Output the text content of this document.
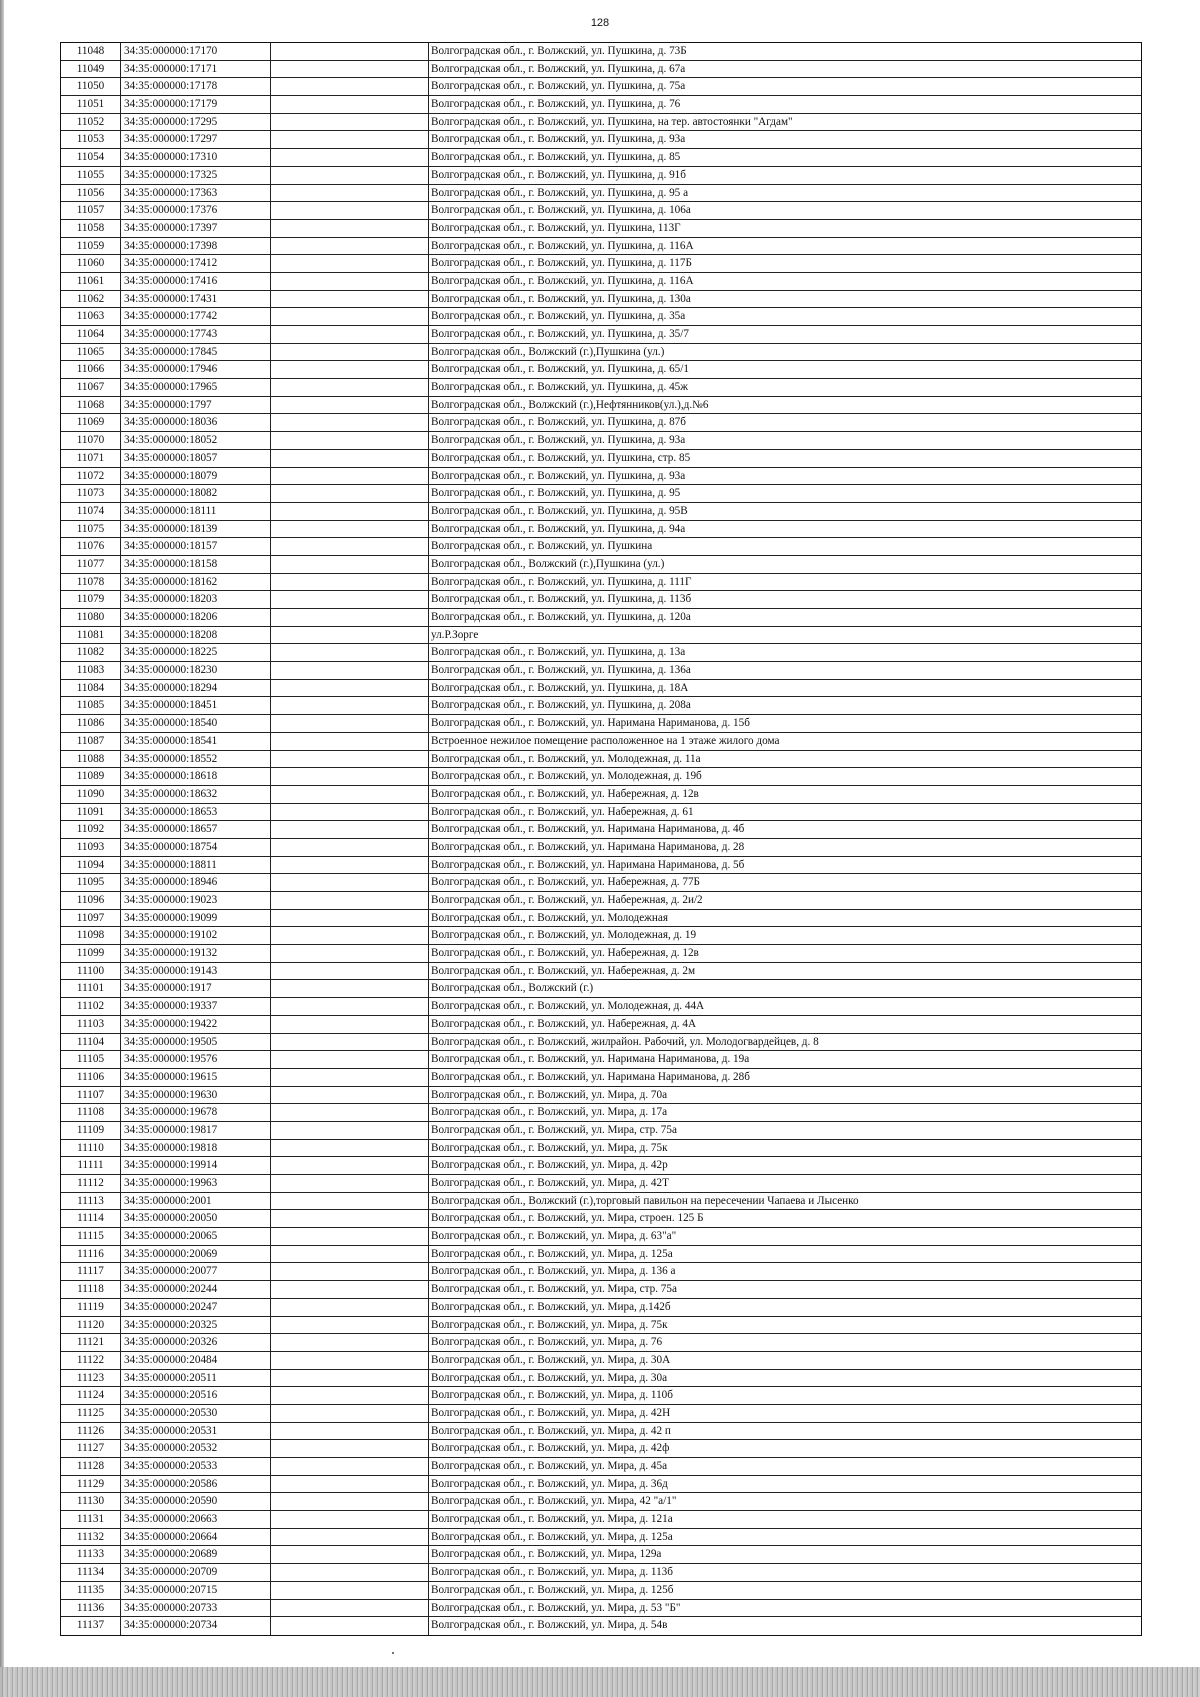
128
11048	34:35:000000:17170	Волгоградская обл., г. Волжский, ул. Пушкина, д. 73Б
11049	34:35:000000:17171	Волгоградская обл., г. Волжский, ул. Пушкина, д. 67а
11050	34:35:000000:17178	Волгоградская обл., г. Волжский, ул. Пушкина, д. 75а
11051	34:35:000000:17179	Волгоградская обл., г. Волжский, ул. Пушкина, д. 76
11052	34:35:000000:17295	Волгоградская обл., г. Волжский, ул. Пушкина, на тер. автостоянки "Агдам"
11053	34:35:000000:17297	Волгоградская обл., г. Волжский, ул. Пушкина, д. 93а
11054	34:35:000000:17310	Волгоградская обл., г. Волжский, ул. Пушкина, д. 85
11055	34:35:000000:17325	Волгоградская обл., г. Волжский, ул. Пушкина, д. 91б
11056	34:35:000000:17363	Волгоградская обл., г. Волжский, ул. Пушкина, д. 95 а
11057	34:35:000000:17376	Волгоградская обл., г. Волжский, ул. Пушкина, д. 106а
11058	34:35:000000:17397	Волгоградская обл., г. Волжский, ул. Пушкина, 113Г
11059	34:35:000000:17398	Волгоградская обл., г. Волжский, ул. Пушкина, д. 116А
11060	34:35:000000:17412	Волгоградская обл., г. Волжский, ул. Пушкина, д. 117Б
11061	34:35:000000:17416	Волгоградская обл., г. Волжский, ул. Пушкина, д. 116А
11062	34:35:000000:17431	Волгоградская обл., г. Волжский, ул. Пушкина, д. 130а
11063	34:35:000000:17742	Волгоградская обл., г. Волжский, ул. Пушкина, д. 35а
11064	34:35:000000:17743	Волгоградская обл., г. Волжский, ул. Пушкина, д. 35/7
11065	34:35:000000:17845	Волгоградская обл., Волжский (г.),Пушкина (ул.)
11066	34:35:000000:17946	Волгоградская обл., г. Волжский, ул. Пушкина, д. 65/1
11067	34:35:000000:17965	Волгоградская обл., г. Волжский, ул. Пушкина, д. 45ж
11068	34:35:000000:1797	Волгоградская обл., Волжский (г.),Нефтянников(ул.),д.№6
11069	34:35:000000:18036	Волгоградская обл., г. Волжский, ул. Пушкина, д. 87б
11070	34:35:000000:18052	Волгоградская обл., г. Волжский, ул. Пушкина, д. 93а
11071	34:35:000000:18057	Волгоградская обл., г. Волжский, ул. Пушкина, стр. 85
11072	34:35:000000:18079	Волгоградская обл., г. Волжский, ул. Пушкина, д. 93а
11073	34:35:000000:18082	Волгоградская обл., г. Волжский, ул. Пушкина, д. 95
11074	34:35:000000:18111	Волгоградская обл., г. Волжский, ул. Пушкина, д. 95В
11075	34:35:000000:18139	Волгоградская обл., г. Волжский, ул. Пушкина, д. 94а
11076	34:35:000000:18157	Волгоградская обл., г. Волжский, ул. Пушкина
11077	34:35:000000:18158	Волгоградская обл., Волжский (г.),Пушкина (ул.)
11078	34:35:000000:18162	Волгоградская обл., г. Волжский, ул. Пушкина, д. 111Г
11079	34:35:000000:18203	Волгоградская обл., г. Волжский, ул. Пушкина, д. 113б
11080	34:35:000000:18206	Волгоградская обл., г. Волжский, ул. Пушкина, д. 120а
11081	34:35:000000:18208	ул.Р.Зорге
11082	34:35:000000:18225	Волгоградская обл., г. Волжский, ул. Пушкина, д. 13а
11083	34:35:000000:18230	Волгоградская обл., г. Волжский, ул. Пушкина, д. 136а
11084	34:35:000000:18294	Волгоградская обл., г. Волжский, ул. Пушкина, д. 18А
11085	34:35:000000:18451	Волгоградская обл., г. Волжский, ул. Пушкина, д. 208а
11086	34:35:000000:18540	Волгоградская обл., г. Волжский, ул. Наримана Нариманова, д. 15б
11087	34:35:000000:18541	Встроенное нежилое помещение расположенное на 1 этаже жилого дома
11088	34:35:000000:18552	Волгоградская обл., г. Волжский, ул. Молодежная, д. 11а
11089	34:35:000000:18618	Волгоградская обл., г. Волжский, ул. Молодежная, д. 19б
11090	34:35:000000:18632	Волгоградская обл., г. Волжский, ул. Набережная, д. 12в
11091	34:35:000000:18653	Волгоградская обл., г. Волжский, ул. Набережная, д. 61
11092	34:35:000000:18657	Волгоградская обл., г. Волжский, ул. Наримана Нариманова, д. 4б
11093	34:35:000000:18754	Волгоградская обл., г. Волжский, ул. Наримана Нариманова, д. 28
11094	34:35:000000:18811	Волгоградская обл., г. Волжский, ул. Наримана Нариманова, д. 5б
11095	34:35:000000:18946	Волгоградская обл., г. Волжский, ул. Набережная, д. 77Б
11096	34:35:000000:19023	Волгоградская обл., г. Волжский, ул. Набережная, д. 2и/2
11097	34:35:000000:19099	Волгоградская обл., г. Волжский, ул. Молодежная
11098	34:35:000000:19102	Волгоградская обл., г. Волжский, ул. Молодежная, д. 19
11099	34:35:000000:19132	Волгоградская обл., г. Волжский, ул. Набережная, д. 12в
11100	34:35:000000:19143	Волгоградская обл., г. Волжский, ул. Набережная, д. 2м
11101	34:35:000000:1917	Волгоградская обл., Волжский (г.)
11102	34:35:000000:19337	Волгоградская обл., г. Волжский, ул. Молодежная, д. 44А
11103	34:35:000000:19422	Волгоградская обл., г. Волжский, ул. Набережная, д. 4А
11104	34:35:000000:19505	Волгоградская обл., г. Волжский, жилрайон. Рабочий, ул. Молодогвардейцев, д. 8
11105	34:35:000000:19576	Волгоградская обл., г. Волжский, ул. Наримана Нариманова, д. 19а
11106	34:35:000000:19615	Волгоградская обл., г. Волжский, ул. Наримана Нариманова, д. 28б
11107	34:35:000000:19630	Волгоградская обл., г. Волжский, ул. Мира, д. 70а
11108	34:35:000000:19678	Волгоградская обл., г. Волжский, ул. Мира, д. 17а
11109	34:35:000000:19817	Волгоградская обл., г. Волжский, ул. Мира, стр. 75а
11110	34:35:000000:19818	Волгоградская обл., г. Волжский, ул. Мира, д. 75к
11111	34:35:000000:19914	Волгоградская обл., г. Волжский, ул. Мира, д. 42р
11112	34:35:000000:19963	Волгоградская обл., г. Волжский, ул. Мира, д. 42Т
11113	34:35:000000:2001	Волгоградская обл., Волжский (г.),торговый павильон на пересечении Чапаева и Лысенко
11114	34:35:000000:20050	Волгоградская обл., г. Волжский, ул. Мира, строен. 125 Б
11115	34:35:000000:20065	Волгоградская обл., г. Волжский, ул. Мира, д. 63"а"
11116	34:35:000000:20069	Волгоградская обл., г. Волжский, ул. Мира, д. 125а
11117	34:35:000000:20077	Волгоградская обл., г. Волжский, ул. Мира, д. 136 а
11118	34:35:000000:20244	Волгоградская обл., г. Волжский, ул. Мира, стр. 75а
11119	34:35:000000:20247	Волгоградская обл., г. Волжский, ул. Мира, д.142б
11120	34:35:000000:20325	Волгоградская обл., г. Волжский, ул. Мира, д. 75к
11121	34:35:000000:20326	Волгоградская обл., г. Волжский, ул. Мира, д. 76
11122	34:35:000000:20484	Волгоградская обл., г. Волжский, ул. Мира, д. 30А
11123	34:35:000000:20511	Волгоградская обл., г. Волжский, ул. Мира, д. 30а
11124	34:35:000000:20516	Волгоградская обл., г. Волжский, ул. Мира, д. 110б
11125	34:35:000000:20530	Волгоградская обл., г. Волжский, ул. Мира, д. 42Н
11126	34:35:000000:20531	Волгоградская обл., г. Волжский, ул. Мира, д. 42 п
11127	34:35:000000:20532	Волгоградская обл., г. Волжский, ул. Мира, д. 42ф
11128	34:35:000000:20533	Волгоградская обл., г. Волжский, ул. Мира, д. 45а
11129	34:35:000000:20586	Волгоградская обл., г. Волжский, ул. Мира, д. 36д
11130	34:35:000000:20590	Волгоградская обл., г. Волжский, ул. Мира, 42 "а/1"
11131	34:35:000000:20663	Волгоградская обл., г. Волжский, ул. Мира, д. 121а
11132	34:35:000000:20664	Волгоградская обл., г. Волжский, ул. Мира, д. 125а
11133	34:35:000000:20689	Волгоградская обл., г. Волжский, ул. Мира, 129а
11134	34:35:000000:20709	Волгоградская обл., г. Волжский, ул. Мира, д. 113б
11135	34:35:000000:20715	Волгоградская обл., г. Волжский, ул. Мира, д. 125б
11136	34:35:000000:20733	Волгоградская обл., г. Волжский, ул. Мира, д. 53 "Б"
11137	34:35:000000:20734	Волгоградская обл., г. Волжский, ул. Мира, д. 54в
